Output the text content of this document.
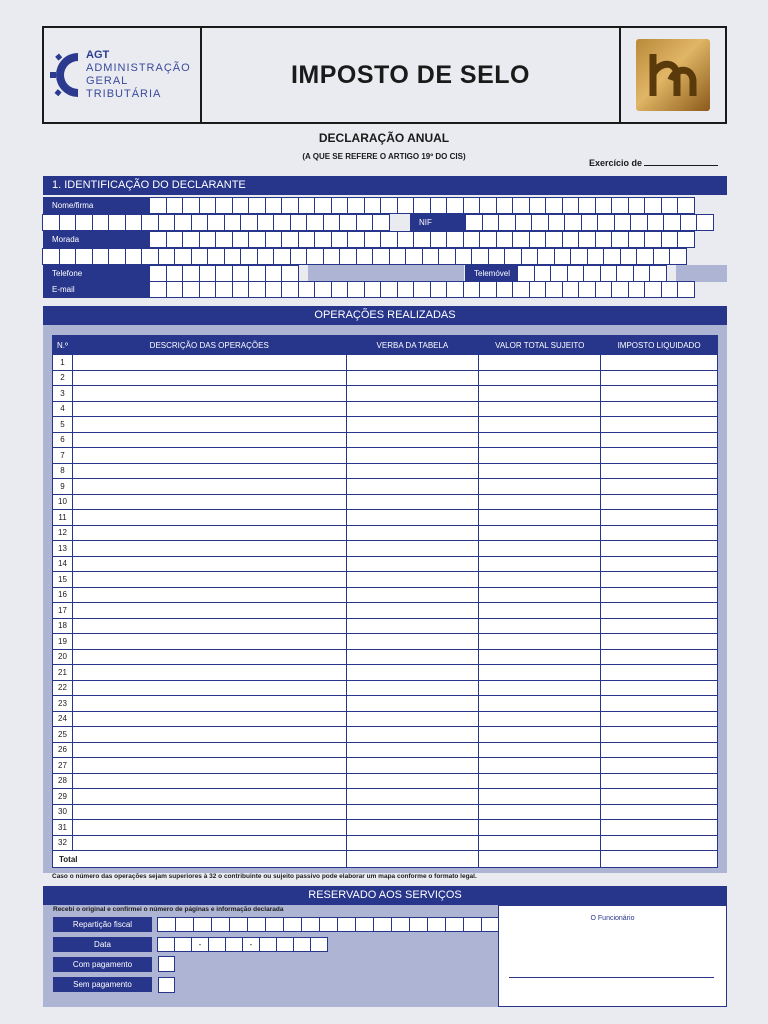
AGT
ADMINISTRAÇÃO
GERAL
TRIBUTÁRIA
IMPOSTO DE SELO
DECLARAÇÃO ANUAL
(A QUE SE REFERE O ARTIGO 19º DO CIS)
Exercício de
1. IDENTIFICAÇÃO DO DECLARANTE
Nome/firma
NIF
Morada
Telefone	Telemóvel
E-mail
OPERAÇÕES REALIZADAS
N.º	DESCRIÇÃO DAS OPERAÇÕES	VERBA DA TABELA	VALOR TOTAL SUJEITO	IMPOSTO LIQUIDADO
1				
2				
3				
4				
5				
6				
7				
8				
9				
10				
11				
12				
13				
14				
15				
16				
17				
18				
19				
20				
21				
22				
23				
24				
25				
26				
27				
28				
29				
30				
31				
32				
Total				
Caso o número das operações sejam superiores à 32 o contribuinte ou sujeito passivo pode elaborar um mapa conforme o formato legal.
RESERVADO AOS SERVIÇOS
Recebi o original e confirmei o número de páginas e informação declarada
Repartição fiscal
Data	-	-
Com pagamento
Sem pagamento
O Funcionário
